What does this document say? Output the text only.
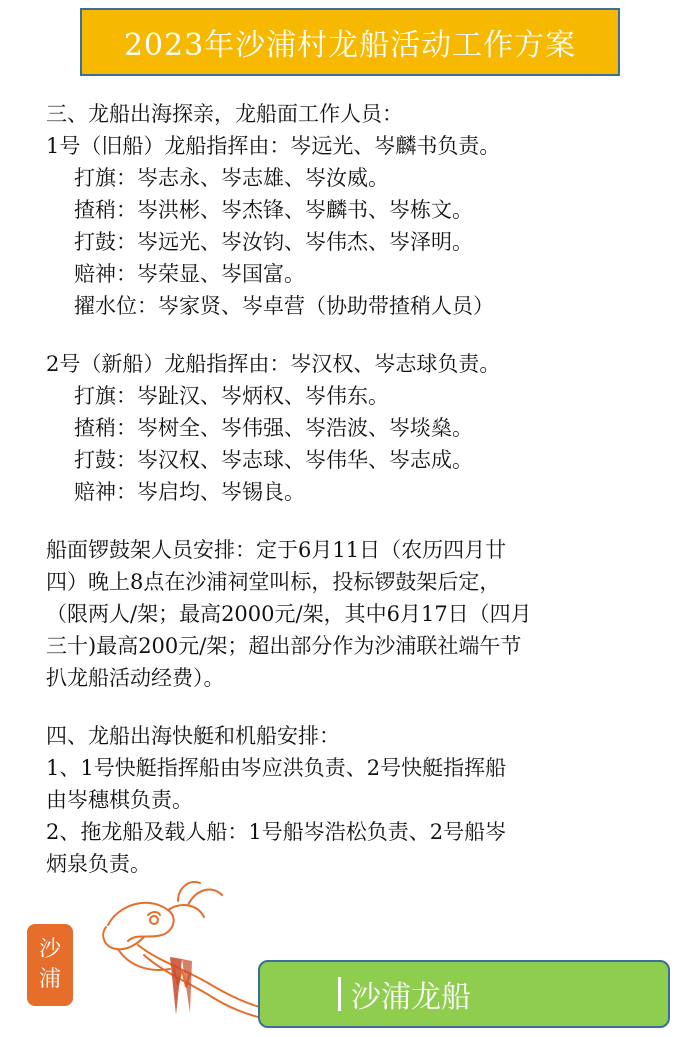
2023年沙浦村龙船活动工作方案
三、龙船出海探亲，龙船面工作人员：
1号（旧船）龙船指挥由：岑远光、岑麟书负责。
打旗：岑志永、岑志雄、岑汝威。
揸稍：岑洪彬、岑杰锋、岑麟书、岑栋文。
打鼓：岑远光、岑汝钧、岑伟杰、岑泽明。
赔神：岑荣显、岑国富。
擢水位：岑家贤、岑卓营（协助带揸稍人员）
2号（新船）龙船指挥由：岑汉权、岑志球负责。
打旗：岑趾汉、岑炳权、岑伟东。
揸稍：岑树全、岑伟强、岑浩波、岑埮燊。
打鼓：岑汉权、岑志球、岑伟华、岑志成。
赔神：岑启均、岑锡良。
船面锣鼓架人员安排：定于6月11日（农历四月廿
四）晚上8点在沙浦祠堂叫标，投标锣鼓架后定，
（限两人/架；最高2000元/架，其中6月17日（四月
三十)最高200元/架；超出部分作为沙浦联社端午节
扒龙船活动经费）。
四、龙船出海快艇和机船安排：
1、1号快艇指挥船由岑应洪负责、2号快艇指挥船
由岑穗棋负责。
2、拖龙船及载人船：1号船岑浩松负责、2号船岑
炳泉负责。
沙
浦
沙浦龙船
